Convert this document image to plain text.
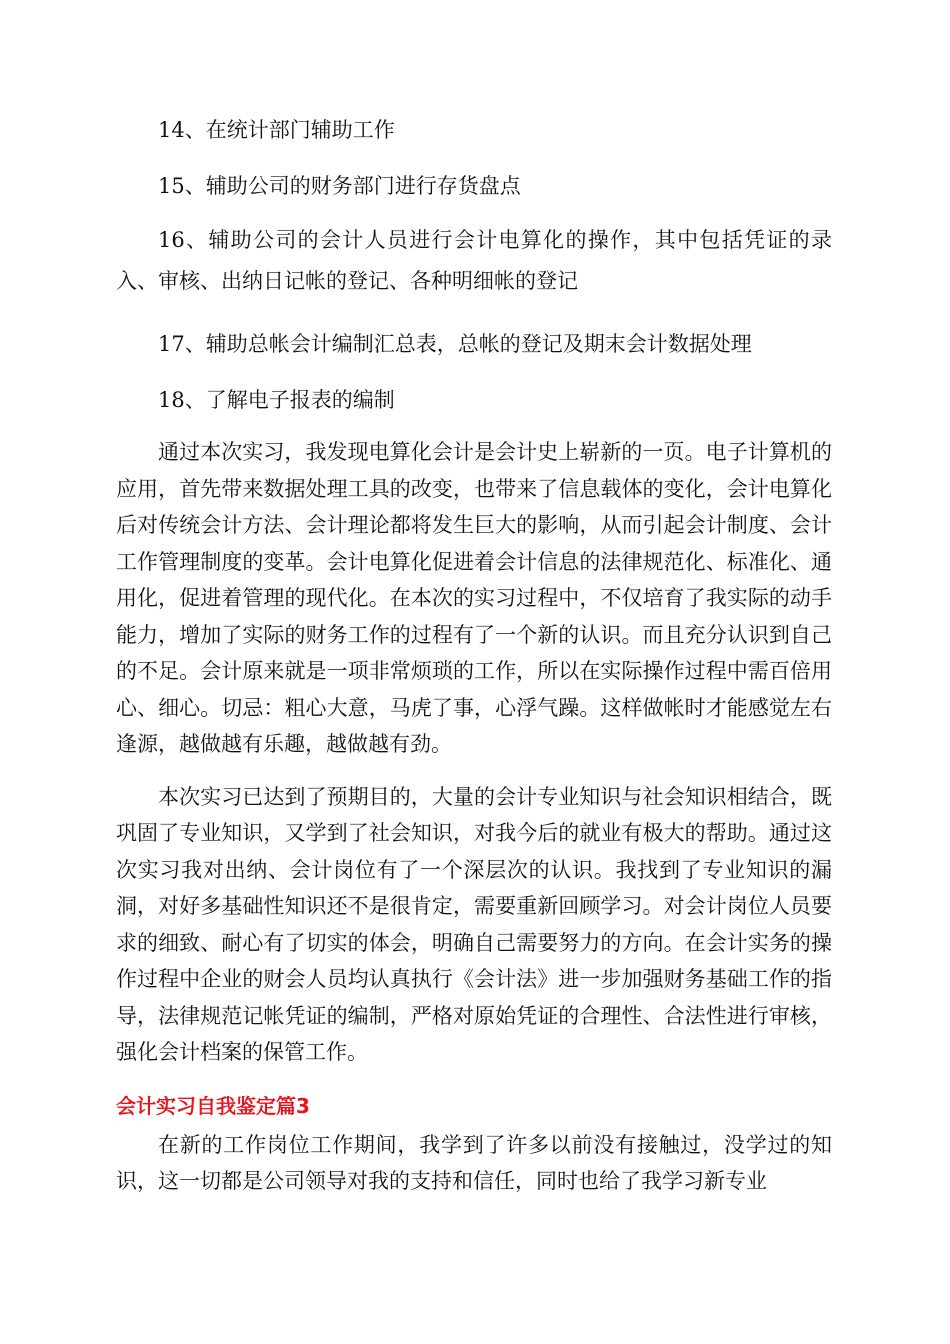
14、在统计部门辅助工作

15、辅助公司的财务部门进行存货盘点

16、辅助公司的会计人员进行会计电算化的操作，其中包括凭证的录入、审核、出纳日记帐的登记、各种明细帐的登记

17、辅助总帐会计编制汇总表，总帐的登记及期末会计数据处理

18、了解电子报表的编制

通过本次实习，我发现电算化会计是会计史上崭新的一页。电子计算机的应用，首先带来数据处理工具的改变，也带来了信息载体的变化，会计电算化后对传统会计方法、会计理论都将发生巨大的影响，从而引起会计制度、会计工作管理制度的变革。会计电算化促进着会计信息的法律规范化、标准化、通用化，促进着管理的现代化。在本次的实习过程中，不仅培育了我实际的动手能力，增加了实际的财务工作的过程有了一个新的认识。而且充分认识到自己的不足。会计原来就是一项非常烦琐的工作，所以在实际操作过程中需百倍用心、细心。切忌：粗心大意，马虎了事，心浮气躁。这样做帐时才能感觉左右逢源，越做越有乐趣，越做越有劲。

本次实习已达到了预期目的，大量的会计专业知识与社会知识相结合，既巩固了专业知识，又学到了社会知识，对我今后的就业有极大的帮助。通过这次实习我对出纳、会计岗位有了一个深层次的认识。我找到了专业知识的漏洞，对好多基础性知识还不是很肯定，需要重新回顾学习。对会计岗位人员要求的细致、耐心有了切实的体会，明确自己需要努力的方向。在会计实务的操作过程中企业的财会人员均认真执行《会计法》进一步加强财务基础工作的指导，法律规范记帐凭证的编制，严格对原始凭证的合理性、合法性进行审核，强化会计档案的保管工作。

会计实习自我鉴定篇3

在新的工作岗位工作期间，我学到了许多以前没有接触过，没学过的知识，这一切都是公司领导对我的支持和信任，同时也给了我学习新专业
